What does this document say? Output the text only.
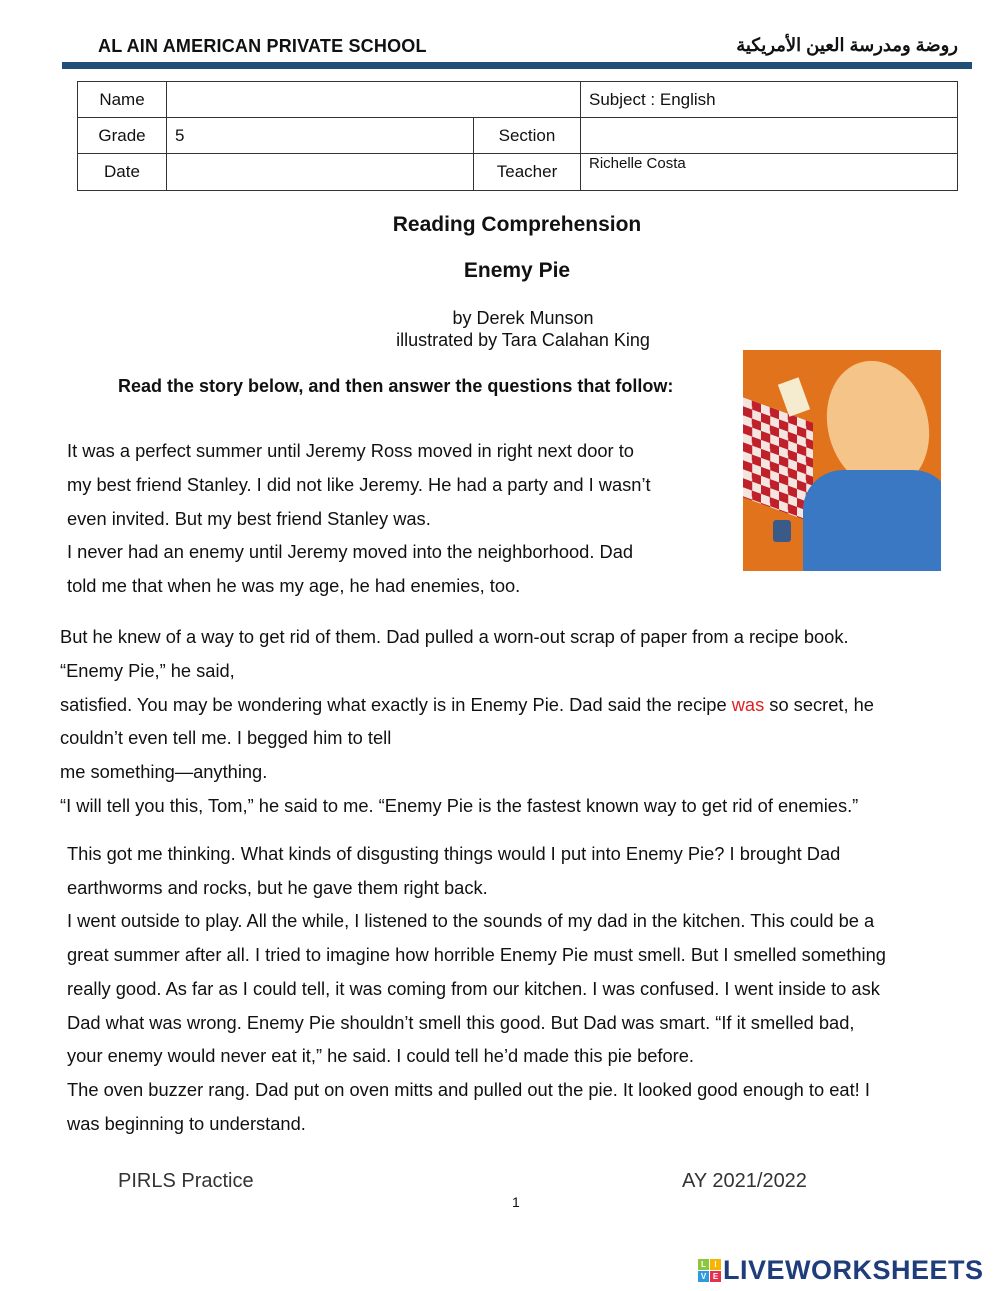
AL AIN AMERICAN PRIVATE SCHOOL	روضة ومدرسة العين الأمريكية
Name			Subject : English
Grade	5	Section	
Date		Teacher	Richelle Costa
Reading Comprehension
Enemy Pie
by Derek Munson
illustrated by Tara Calahan King
Read the story below, and then answer the questions that follow:
It was a perfect summer until Jeremy Ross moved in right next door to
my best friend Stanley. I did not like Jeremy. He had a party and I wasn’t
even invited. But my best friend Stanley was.
I never had an enemy until Jeremy moved into the neighborhood. Dad
told me that when he was my age, he had enemies, too.
But he knew of a way to get rid of them. Dad pulled a worn-out scrap of paper from a recipe book.
“Enemy Pie,” he said,
satisfied. You may be wondering what exactly is in Enemy Pie. Dad said the recipe was so secret, he
couldn’t even tell me. I begged him to tell
me something—anything.
“I will tell you this, Tom,” he said to me. “Enemy Pie is the fastest known way to get rid of enemies.”
This got me thinking. What kinds of disgusting things would I put into Enemy Pie? I brought Dad
earthworms and rocks, but he gave them right back.
I went outside to play. All the while, I listened to the sounds of my dad in the kitchen. This could be a
great summer after all. I tried to imagine how horrible Enemy Pie must smell. But I smelled something
really good. As far as I could tell, it was coming from our kitchen. I was confused. I went inside to ask
Dad what was wrong. Enemy Pie shouldn’t smell this good. But Dad was smart. “If it smelled bad,
your enemy would never eat it,” he said. I could tell he’d made this pie before.
The oven buzzer rang. Dad put on oven mitts and pulled out the pie. It looked good enough to eat! I
was beginning to understand.
PIRLS Practice	AY 2021/2022
1
L	I
V E LIVEWORKSHEETS
